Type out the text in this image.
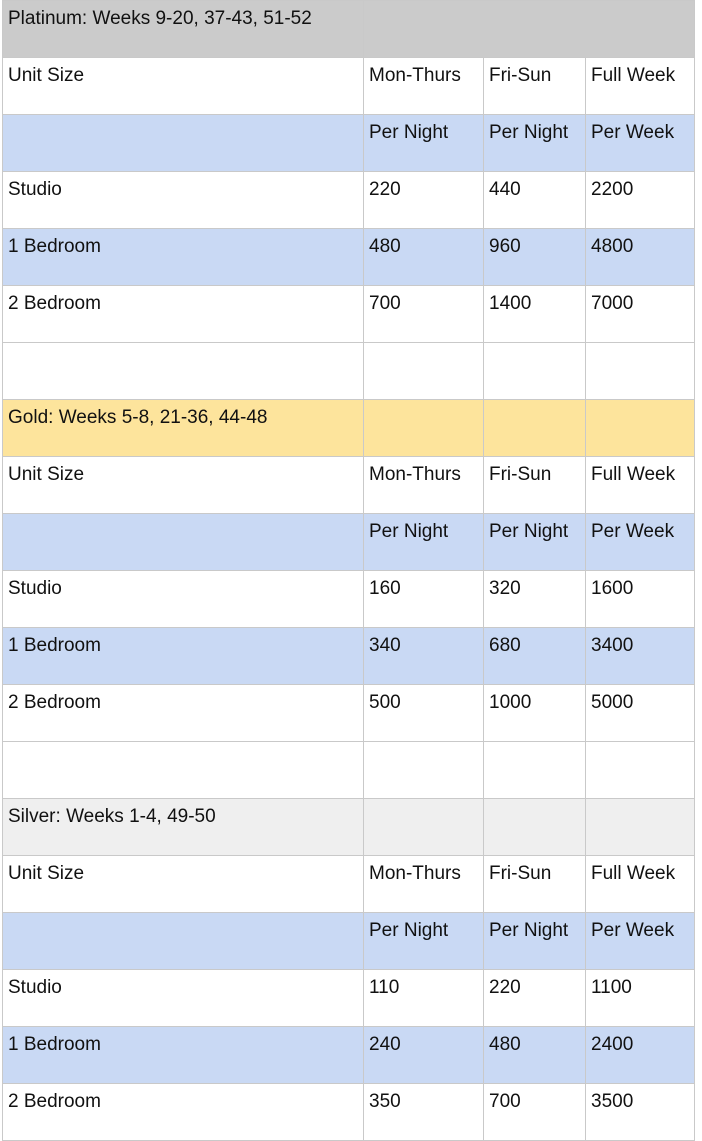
Platinum: Weeks 9-20, 37-43, 51-52			
Unit Size	Mon-Thurs	Fri-Sun	Full Week
	Per Night	Per Night	Per Week
Studio	220	440	2200
1 Bedroom	480	960	4800
2 Bedroom	700	1400	7000

Gold: Weeks 5-8, 21-36, 44-48			
Unit Size	Mon-Thurs	Fri-Sun	Full Week
	Per Night	Per Night	Per Week
Studio	160	320	1600
1 Bedroom	340	680	3400
2 Bedroom	500	1000	5000

Silver: Weeks 1-4, 49-50			
Unit Size	Mon-Thurs	Fri-Sun	Full Week
	Per Night	Per Night	Per Week
Studio	110	220	1100
1 Bedroom	240	480	2400
2 Bedroom	350	700	3500
